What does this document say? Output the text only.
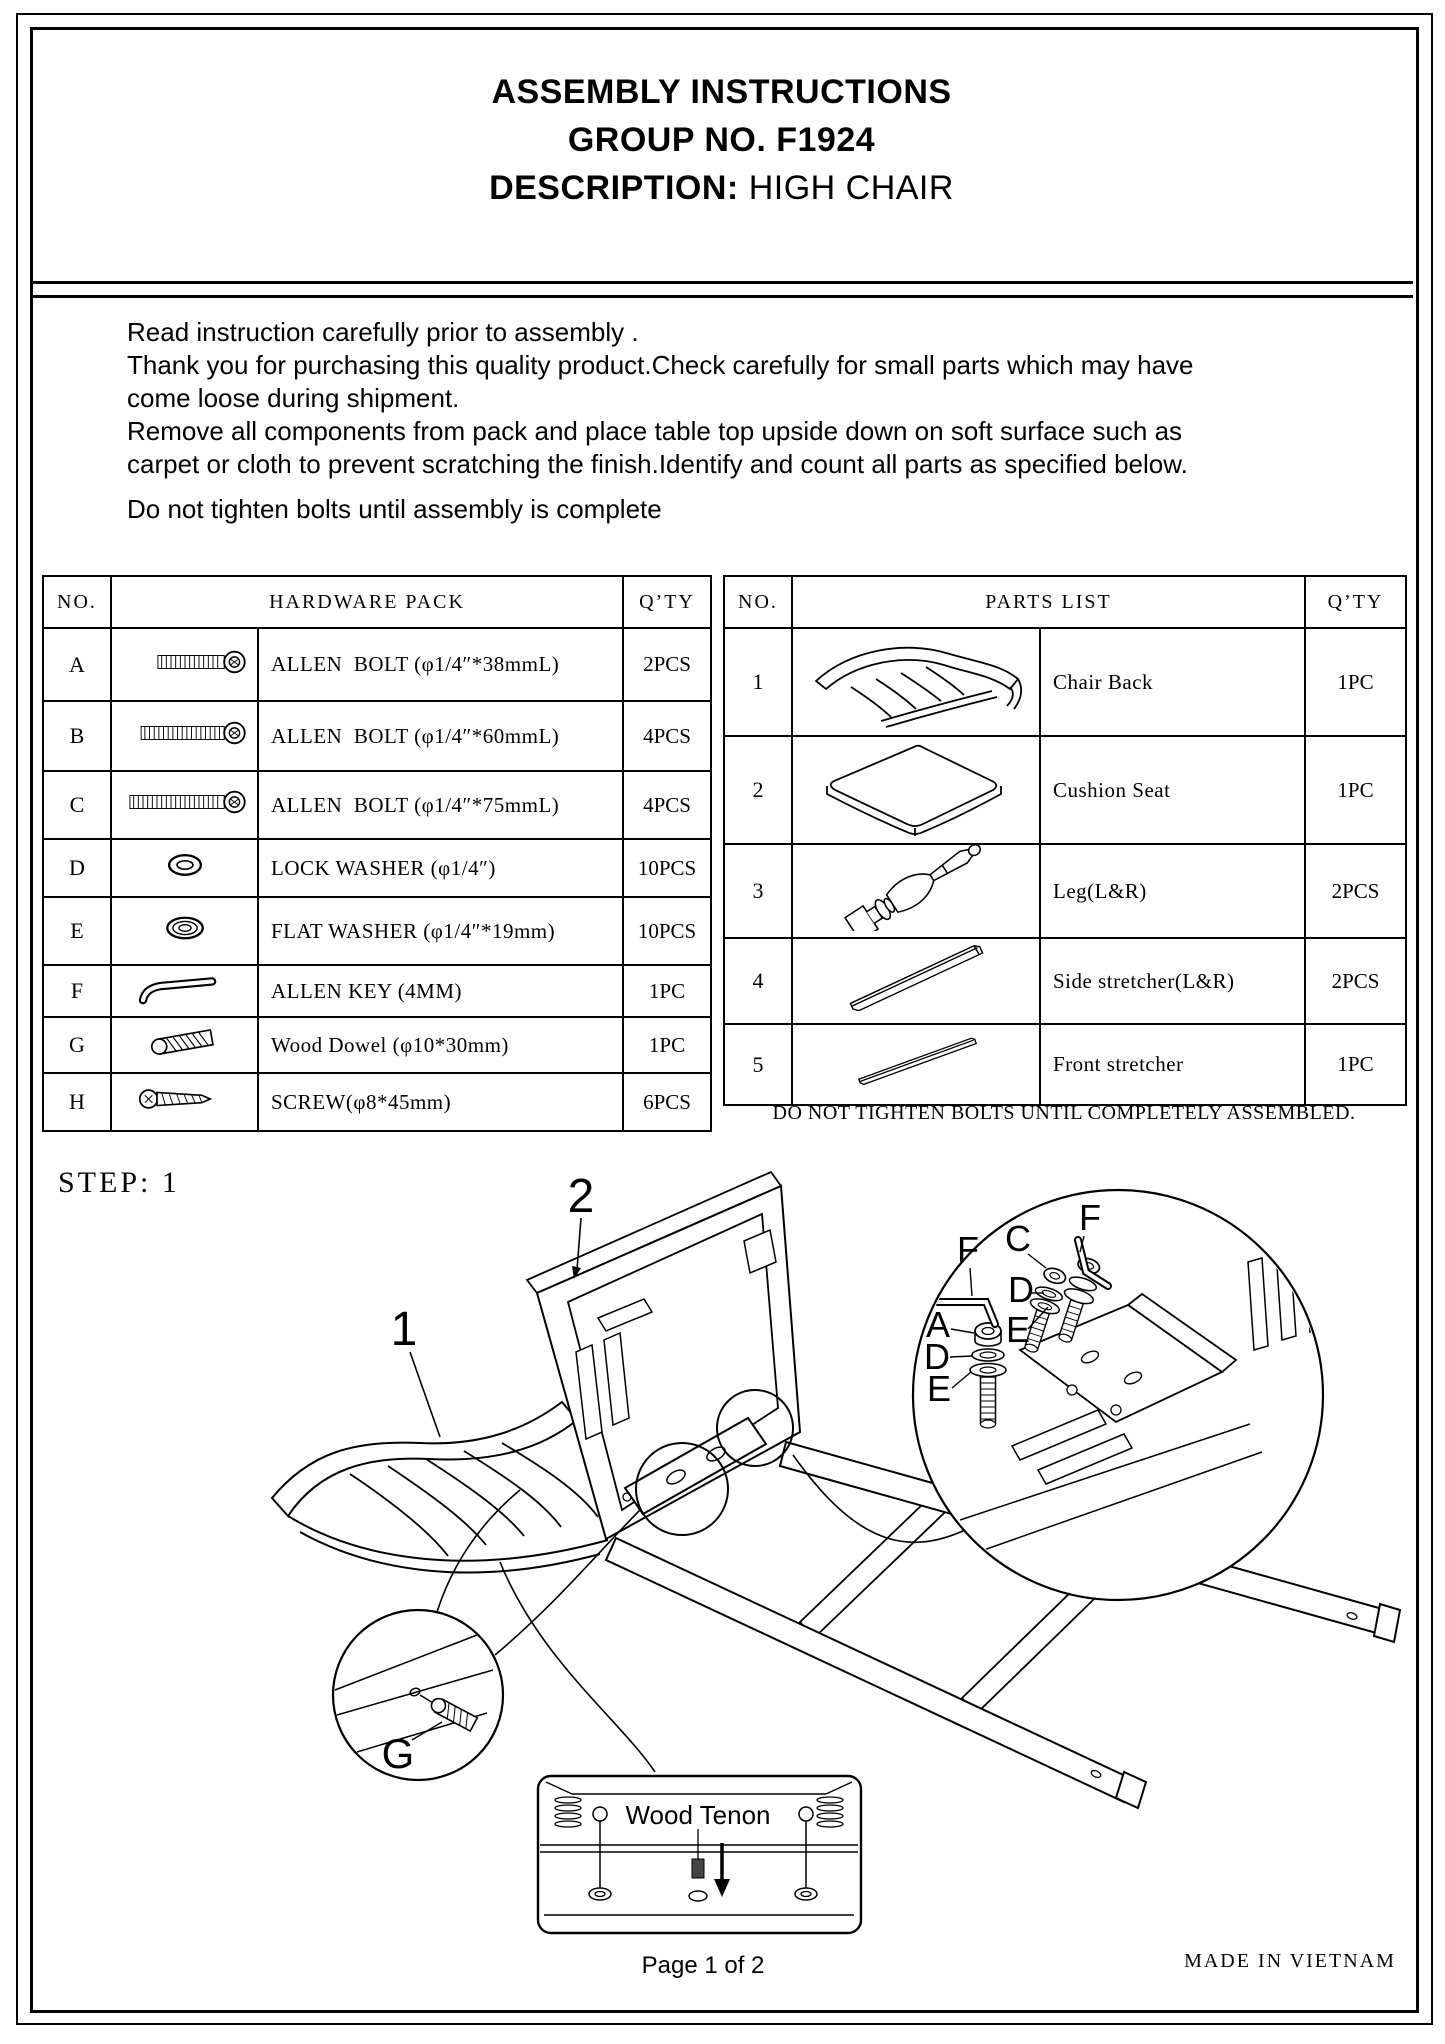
ASSEMBLY INSTRUCTIONS
GROUP NO. F1924
DESCRIPTION: HIGH CHAIR
Read instruction carefully prior to assembly .
Thank you for purchasing this quality product.Check carefully for small parts which may have
come loose during shipment.
Remove all components from pack and place table top upside down on soft surface such as
carpet or cloth to prevent scratching the finish.Identify and count all parts as specified below.
Do not tighten bolts until assembly is complete
NO.	HARDWARE PACK		Q’TY
A		ALLEN  BOLT (φ1/4″*38mmL)	2PCS
B		ALLEN  BOLT (φ1/4″*60mmL)	4PCS
C		ALLEN  BOLT (φ1/4″*75mmL)	4PCS
D		LOCK WASHER (φ1/4″)	10PCS
E		FLAT WASHER (φ1/4″*19mm)	10PCS
F		ALLEN KEY (4MM)	1PC
G		Wood Dowel (φ10*30mm)	1PC
H		SCREW(φ8*45mm)	6PCS
NO.	PARTS LIST		Q’TY
1		Chair Back	1PC
2		Cushion Seat	1PC
3		Leg(L&R)	2PCS
4		Side stretcher(L&R)	2PCS
5		Front stretcher	1PC
DO NOT TIGHTEN BOLTS UNTIL COMPLETELY ASSEMBLED.
STEP: 1
G
F C
F
D
E
A
D
E
Wood Tenon
2
1
Page 1 of 2	MADE IN VIETNAM
